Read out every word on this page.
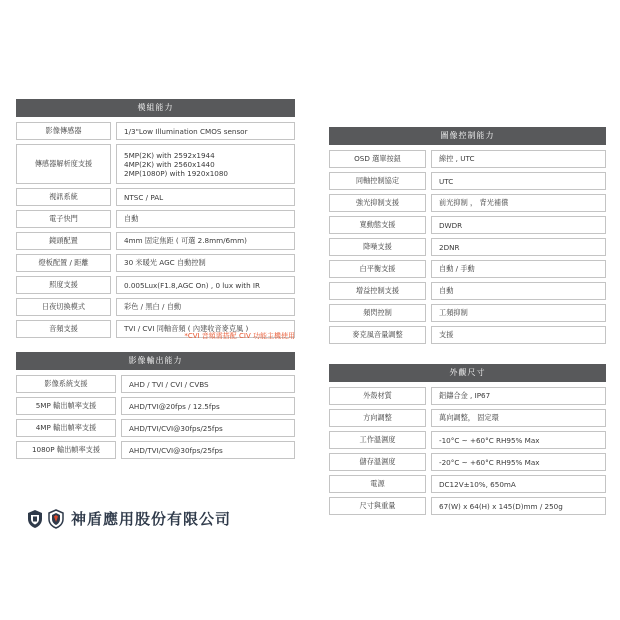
模組能力
影像傳感器	1/3"Low Illumination CMOS sensor
傳感器解析度支援
5MP(2K) with 2592x1944
4MP(2K) with 2560x1440
2MP(1080P) with 1920x1080
視訊系統	NTSC / PAL
電子快門	自動
鏡頭配置	4mm 固定焦距 ( 可選 2.8mm/6mm)
燈板配置 / 距離	30 米暖光 AGC 自動控制
照度支援	0.005Lux(F1.8,AGC On) , 0 lux with IR
日夜切換模式	彩色 / 黑白 / 自動
音頻支援	TVI / CVI 同軸音頻 ( 內建收音麥克風 )
*CVI 音頻需搭配 CIV 功能主機使用
影像輸出能力
影像系統支援	AHD / TVI / CVI / CVBS
5MP 輸出幀率支援	AHD/TVI@20fps / 12.5fps
4MP 輸出幀率支援	AHD/TVI/CVI@30fps/25fps
1080P 輸出幀率支援	AHD/TVI/CVI@30fps/25fps
圖像控制能力
OSD 選單按鈕	線控 , UTC
同軸控制協定	UTC
強光抑制支援	前光抑制 ， 背光補償
寬動態支援	DWDR
降噪支援	2DNR
白平衡支援	自動 / 手動
增益控制支援	自動
頻閃控制	工頻抑制
麥克風音量調整	支援
外觀尺寸
外殼材質	鋁鑄合金 , IP67
方向調整	萬向調整， 固定環
工作溫濕度	-10°C ~ +60°C RH95% Max
儲存溫濕度	-20°C ~ +60°C RH95% Max
電源	DC12V±10%, 650mA
尺寸與重量	67(W) x 64(H) x 145(D)mm / 250g
神盾應用股份有限公司
